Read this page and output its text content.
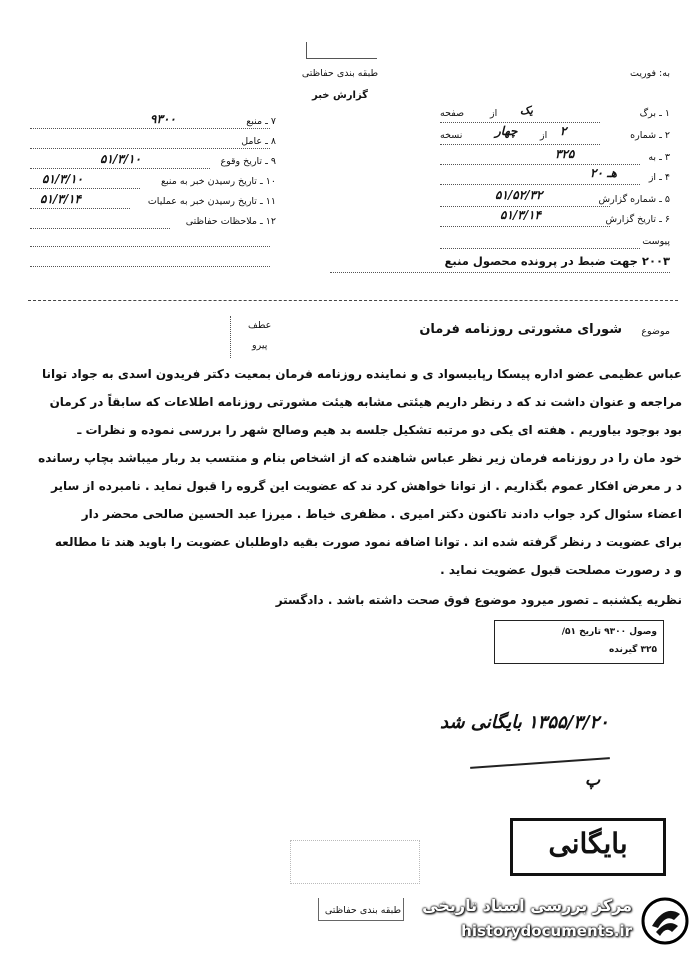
طبقه بندی حفاظتی
گزارش خبر
به: فوریت
۷ ـ منبع
۹۳۰۰
۸ ـ عامل
۹ ـ تاریخ وقوع
۵۱/۳/۱۰
۱۰ ـ تاریخ رسیدن خبر به منبع
۵۱/۳/۱۰
۱۱ ـ تاریخ رسیدن خبر به عملیات
۵۱/۳/۱۴
۱۲ ـ ملاحظات حفاظتی
۱ ـ برگ
یک
از
صفحه
۲ ـ شماره
۲
از
چهار
نسخه
۳ ـ به
۳۲۵
۴ ـ از
۲۰ هـ
۵ ـ شماره گزارش
۵۱/۵۲/۳۲
۶ ـ تاریخ گزارش
۵۱/۳/۱۴
پیوست
۲۰۰۳ جهت ضبط در پرونده محصول منبع
موضوع
شورای مشورتی روزنامه فرمان
عطف
پیرو
عباس عظیمی عضو اداره پیسکا رپابیسواد ی و نماینده روزنامه فرمان بمعیت دکتر فریدون اسدی به جواد توانا
مراجعه و عنوان داشت ند که د رنظر داریم هیئتی مشابه هیئت مشورتی روزنامه اطلاعات که سابقاً در کرمان
بود بوجود بیاوریم . هفته ای یکی دو مرتبه تشکیل جلسه بد هیم وصالح شهر را بررسی نموده و نظرات ـ
خود مان را در روزنامه فرمان زیر نظر عباس شاهنده که از اشخاص بنام و منتسب بد ربار میباشد بچاپ رسانده
د ر معرض افکار عموم بگذاریم . از توانا خواهش کرد ند که عضویت این گروه را قبول نماید . نامبرده از سایر
اعضاء سئوال کرد جواب دادند تاکنون دکتر امیری . مظفری خیاط . میرزا عبد الحسین صالحی محضر دار
برای عضویت د رنظر گرفته شده اند . توانا اضافه نمود صورت بقیه داوطلبان عضویت را باوید هند تا مطالعه
و د رصورت مصلحت قبول عضویت نماید .
نظریه یکشنبه ـ تصور میرود موضوع فوق صحت داشته باشد . دادگستر
وصول ۹۳۰۰ تاریخ ۵۱/
۳۲۵ گیرنده
۱۳۵۵/۳/۲۰ بایگانی شد
پ
بایگانی
طبقه بندی حفاظتی	مرکز بررسی اسناد تاریخی
historydocuments.ir
